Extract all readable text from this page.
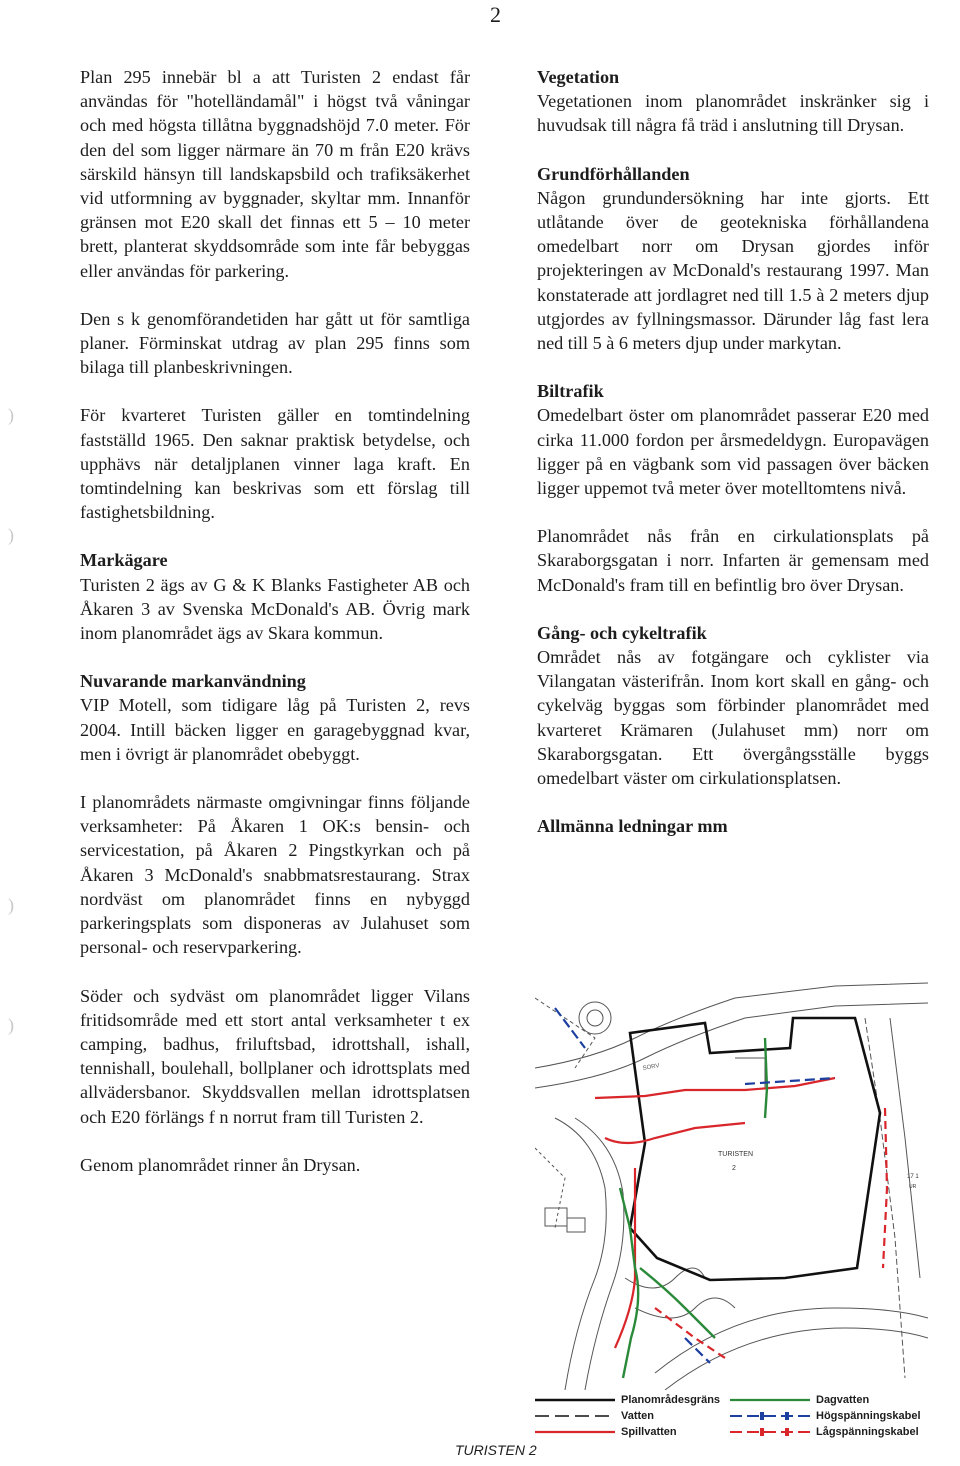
2
)
)
)
)

Plan 295 innebär bl a att Turisten 2 endast får användas för "hotelländamål" i högst två våningar och med högsta tillåtna byggnadshöjd 7.0 meter. För den del som ligger närmare än 70 m från E20 krävs särskild hänsyn till landskapsbild och trafiksäkerhet vid utformning av byggnader, skyltar mm. Innanför gränsen mot E20 skall det finnas ett 5 – 10 meter brett, planterat skyddsområde som inte får bebyggas eller användas för parkering.

Den s k genomförandetiden har gått ut för samtliga planer. Förminskat utdrag av plan 295 finns som bilaga till planbeskrivningen.

För kvarteret Turisten gäller en tomtindelning fastställd 1965. Den saknar praktisk betydelse, och upphävs när detaljplanen vinner laga kraft. En tomtindelning kan beskrivas som ett förslag till fastighetsbildning.

Markägare

Turisten 2 ägs av G & K Blanks Fastigheter AB och Åkaren 3 av Svenska McDonald's AB. Övrig mark inom planområdet ägs av Skara kommun.

Nuvarande markanvändning

VIP Motell, som tidigare låg på Turisten 2, revs 2004. Intill bäcken ligger en garagebyggnad kvar, men i övrigt är planområdet obebyggt.

I planområdets närmaste omgivningar finns följande verksamheter: På Åkaren 1 OK:s bensin- och servicestation, på Åkaren 2 Pingstkyrkan och på Åkaren 3 McDonald's snabbmatsrestaurang. Strax nordväst om planområdet finns en nybyggd parkeringsplats som disponeras av Julahuset som personal- och reservparkering.

Söder och sydväst om planområdet ligger Vilans fritidsområde med ett stort antal verksamheter t ex camping, badhus, friluftsbad, idrottshall, ishall, tennishall, boulehall, bollplaner och idrottsplats med allvädersbanor. Skyddsvallen mellan idrottsplatsen och E20 förlängs f n norrut fram till Turisten 2.

Genom planområdet rinner ån Drysan.

Vegetation

Vegetationen inom planområdet inskränker sig i huvudsak till några få träd i anslutning till Drysan.

Grundförhållanden

Någon grundundersökning har inte gjorts. Ett utlåtande över de geotekniska förhållandena omedelbart norr om Drysan gjordes inför projekteringen av McDonald's restaurang 1997. Man konstaterade att jordlagret ned till 1.5 à 2 meters djup utgjordes av fyllningsmassor. Därunder låg fast lera ned till 5 à 6 meters djup under markytan.

Biltrafik

Omedelbart öster om planområdet passerar E20 med cirka 11.000 fordon per årsmedeldygn. Europavägen ligger på en vägbank som vid passagen över bäcken ligger uppemot två meter över motelltomtens nivå.

Planområdet nås från en cirkulationsplats på Skaraborgsgatan i norr. Infarten är gemensam med McDonald's fram till en befintlig bro över Drysan.

Gång- och cykeltrafik

Området nås av fotgängare och cyklister via Vilangatan västerifrån. Inom kort skall en gång- och cykelväg byggas som förbinder planområdet med kvarteret Krämaren (Julahuset mm) norr om Skaraborgsgatan. Ett övergångsställe byggs omedelbart väster om cirkulationsplatsen.

Allmänna ledningar mm
TURISTEN
2
SORV
17 1
UR
Planområdesgräns
Vatten
Spillvatten
Dagvatten
Högspänningskabel
Lågspänningskabel
TURISTEN 2
